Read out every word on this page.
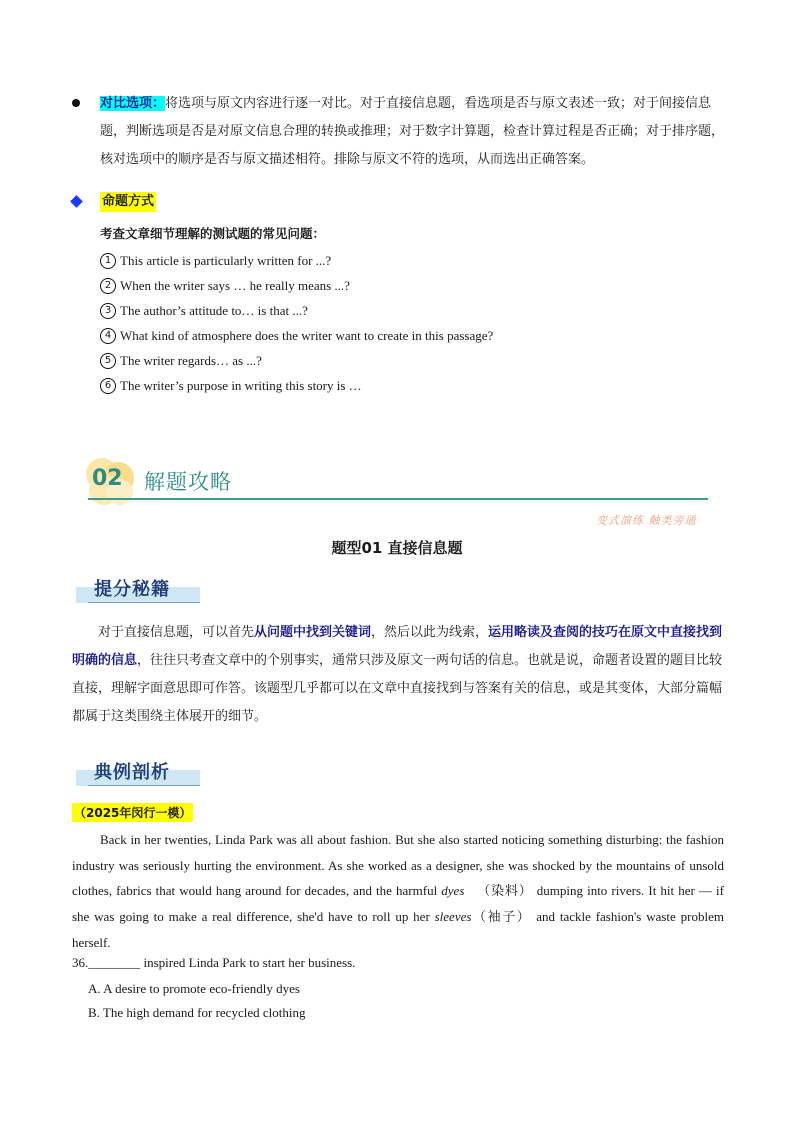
对比选项：将选项与原文内容进行逐一对比。对于直接信息题，看选项是否与原文表述一致；对于间接信息题，判断选项是否是对原文信息合理的转换或推理；对于数字计算题，检查计算过程是否正确；对于排序题，核对选项中的顺序是否与原文描述相符。排除与原文不符的选项，从而选出正确答案。
命题方式
考查文章细节理解的测试题的常见问题：
1 This article is particularly written for ...?
2 When the writer says … he really means ...?
3 The author’s attitude to… is that ...?
4 What kind of atmosphere does the writer want to create in this passage?
5 The writer regards… as ...?
6 The writer’s purpose in writing this story is …
02 解题攻略
变式演练 触类旁通
题型01 直接信息题
提分秘籍
对于直接信息题，可以首先从问题中找到关键词，然后以此为线索，运用略读及查阅的技巧在原文中直接找到明确的信息，往往只考查文章中的个别事实，通常只涉及原文一两句话的信息。也就是说，命题者设置的题目比较直接，理解字面意思即可作答。该题型几乎都可以在文章中直接找到与答案有关的信息，或是其变体，大部分篇幅都属于这类围绕主体展开的细节。
典例剖析
（2025年闵行一模）
Back in her twenties, Linda Park was all about fashion. But she also started noticing something disturbing: the fashion industry was seriously hurting the environment. As she worked as a designer, she was shocked by the mountains of unsold clothes, fabrics that would hang around for decades, and the harmful dyes （染料） dumping into rivers. It hit her — if she was going to make a real difference, she'd have to roll up her sleeves（袖子） and tackle fashion's waste problem herself.
36.________ inspired Linda Park to start her business.
A. A desire to promote eco-friendly dyes
B. The high demand for recycled clothing
